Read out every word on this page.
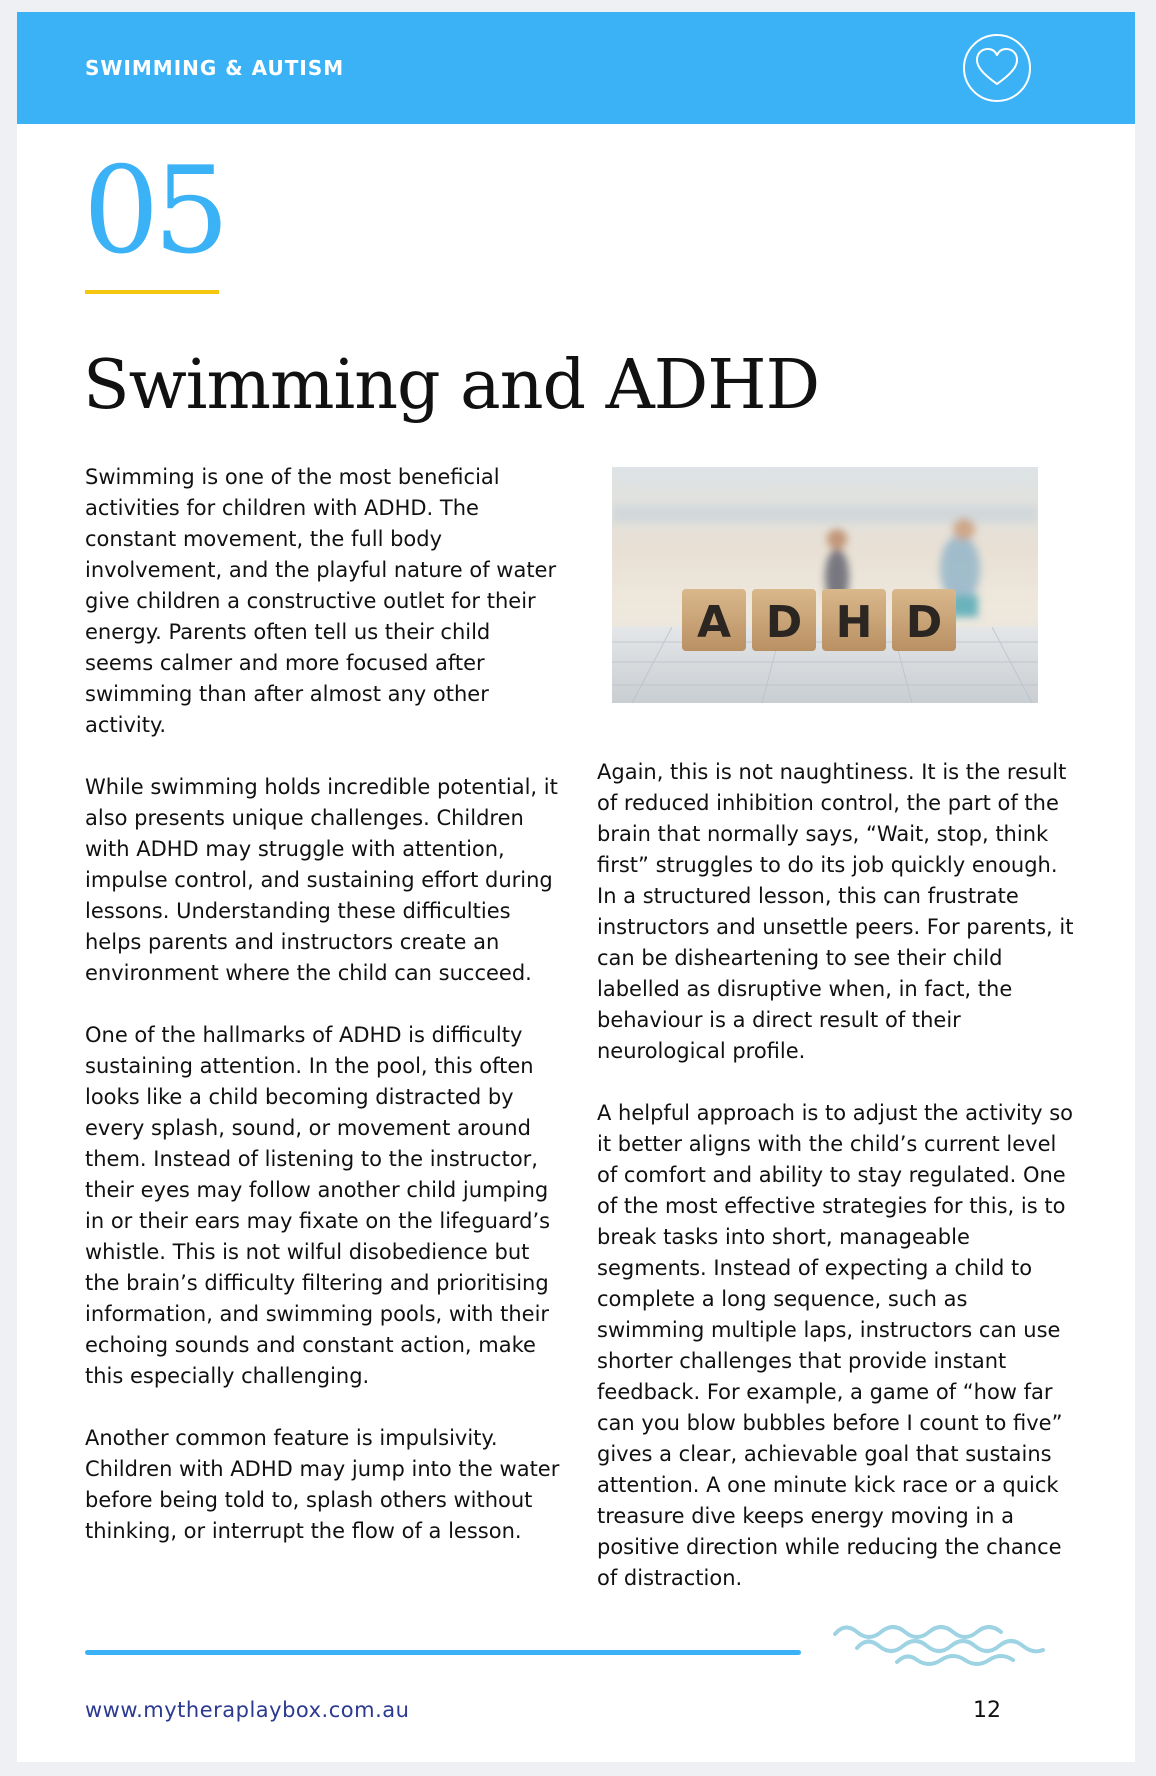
SWIMMING & AUTISM
05
Swimming and ADHD

Swimming is one of the most beneficial activities for children with ADHD. The constant movement, the full body involvement, and the playful nature of water give children a constructive outlet for their energy. Parents often tell us their child seems calmer and more focused after swimming than after almost any other activity.

While swimming holds incredible potential, it also presents unique challenges. Children with ADHD may struggle with attention, impulse control, and sustaining effort during lessons. Understanding these difficulties helps parents and instructors create an environment where the child can succeed.

One of the hallmarks of ADHD is difficulty sustaining attention. In the pool, this often looks like a child becoming distracted by every splash, sound, or movement around them. Instead of listening to the instructor, their eyes may follow another child jumping in or their ears may fixate on the lifeguard’s whistle. This is not wilful disobedience but the brain’s difficulty filtering and prioritising information, and swimming pools, with their echoing sounds and constant action, make this especially challenging.

Another common feature is impulsivity. Children with ADHD may jump into the water before being told to, splash others without thinking, or interrupt the flow of a lesson.

A D H D

Again, this is not naughtiness. It is the result of reduced inhibition control, the part of the brain that normally says, “Wait, stop, think first” struggles to do its job quickly enough. In a structured lesson, this can frustrate instructors and unsettle peers. For parents, it can be disheartening to see their child labelled as disruptive when, in fact, the behaviour is a direct result of their neurological profile.

A helpful approach is to adjust the activity so it better aligns with the child’s current level of comfort and ability to stay regulated. One of the most effective strategies for this, is to break tasks into short, manageable segments. Instead of expecting a child to complete a long sequence, such as swimming multiple laps, instructors can use shorter challenges that provide instant feedback. For example, a game of “how far can you blow bubbles before I count to five” gives a clear, achievable goal that sustains attention. A one minute kick race or a quick treasure dive keeps energy moving in a positive direction while reducing the chance of distraction.

www.mytheraplaybox.com.au	12
